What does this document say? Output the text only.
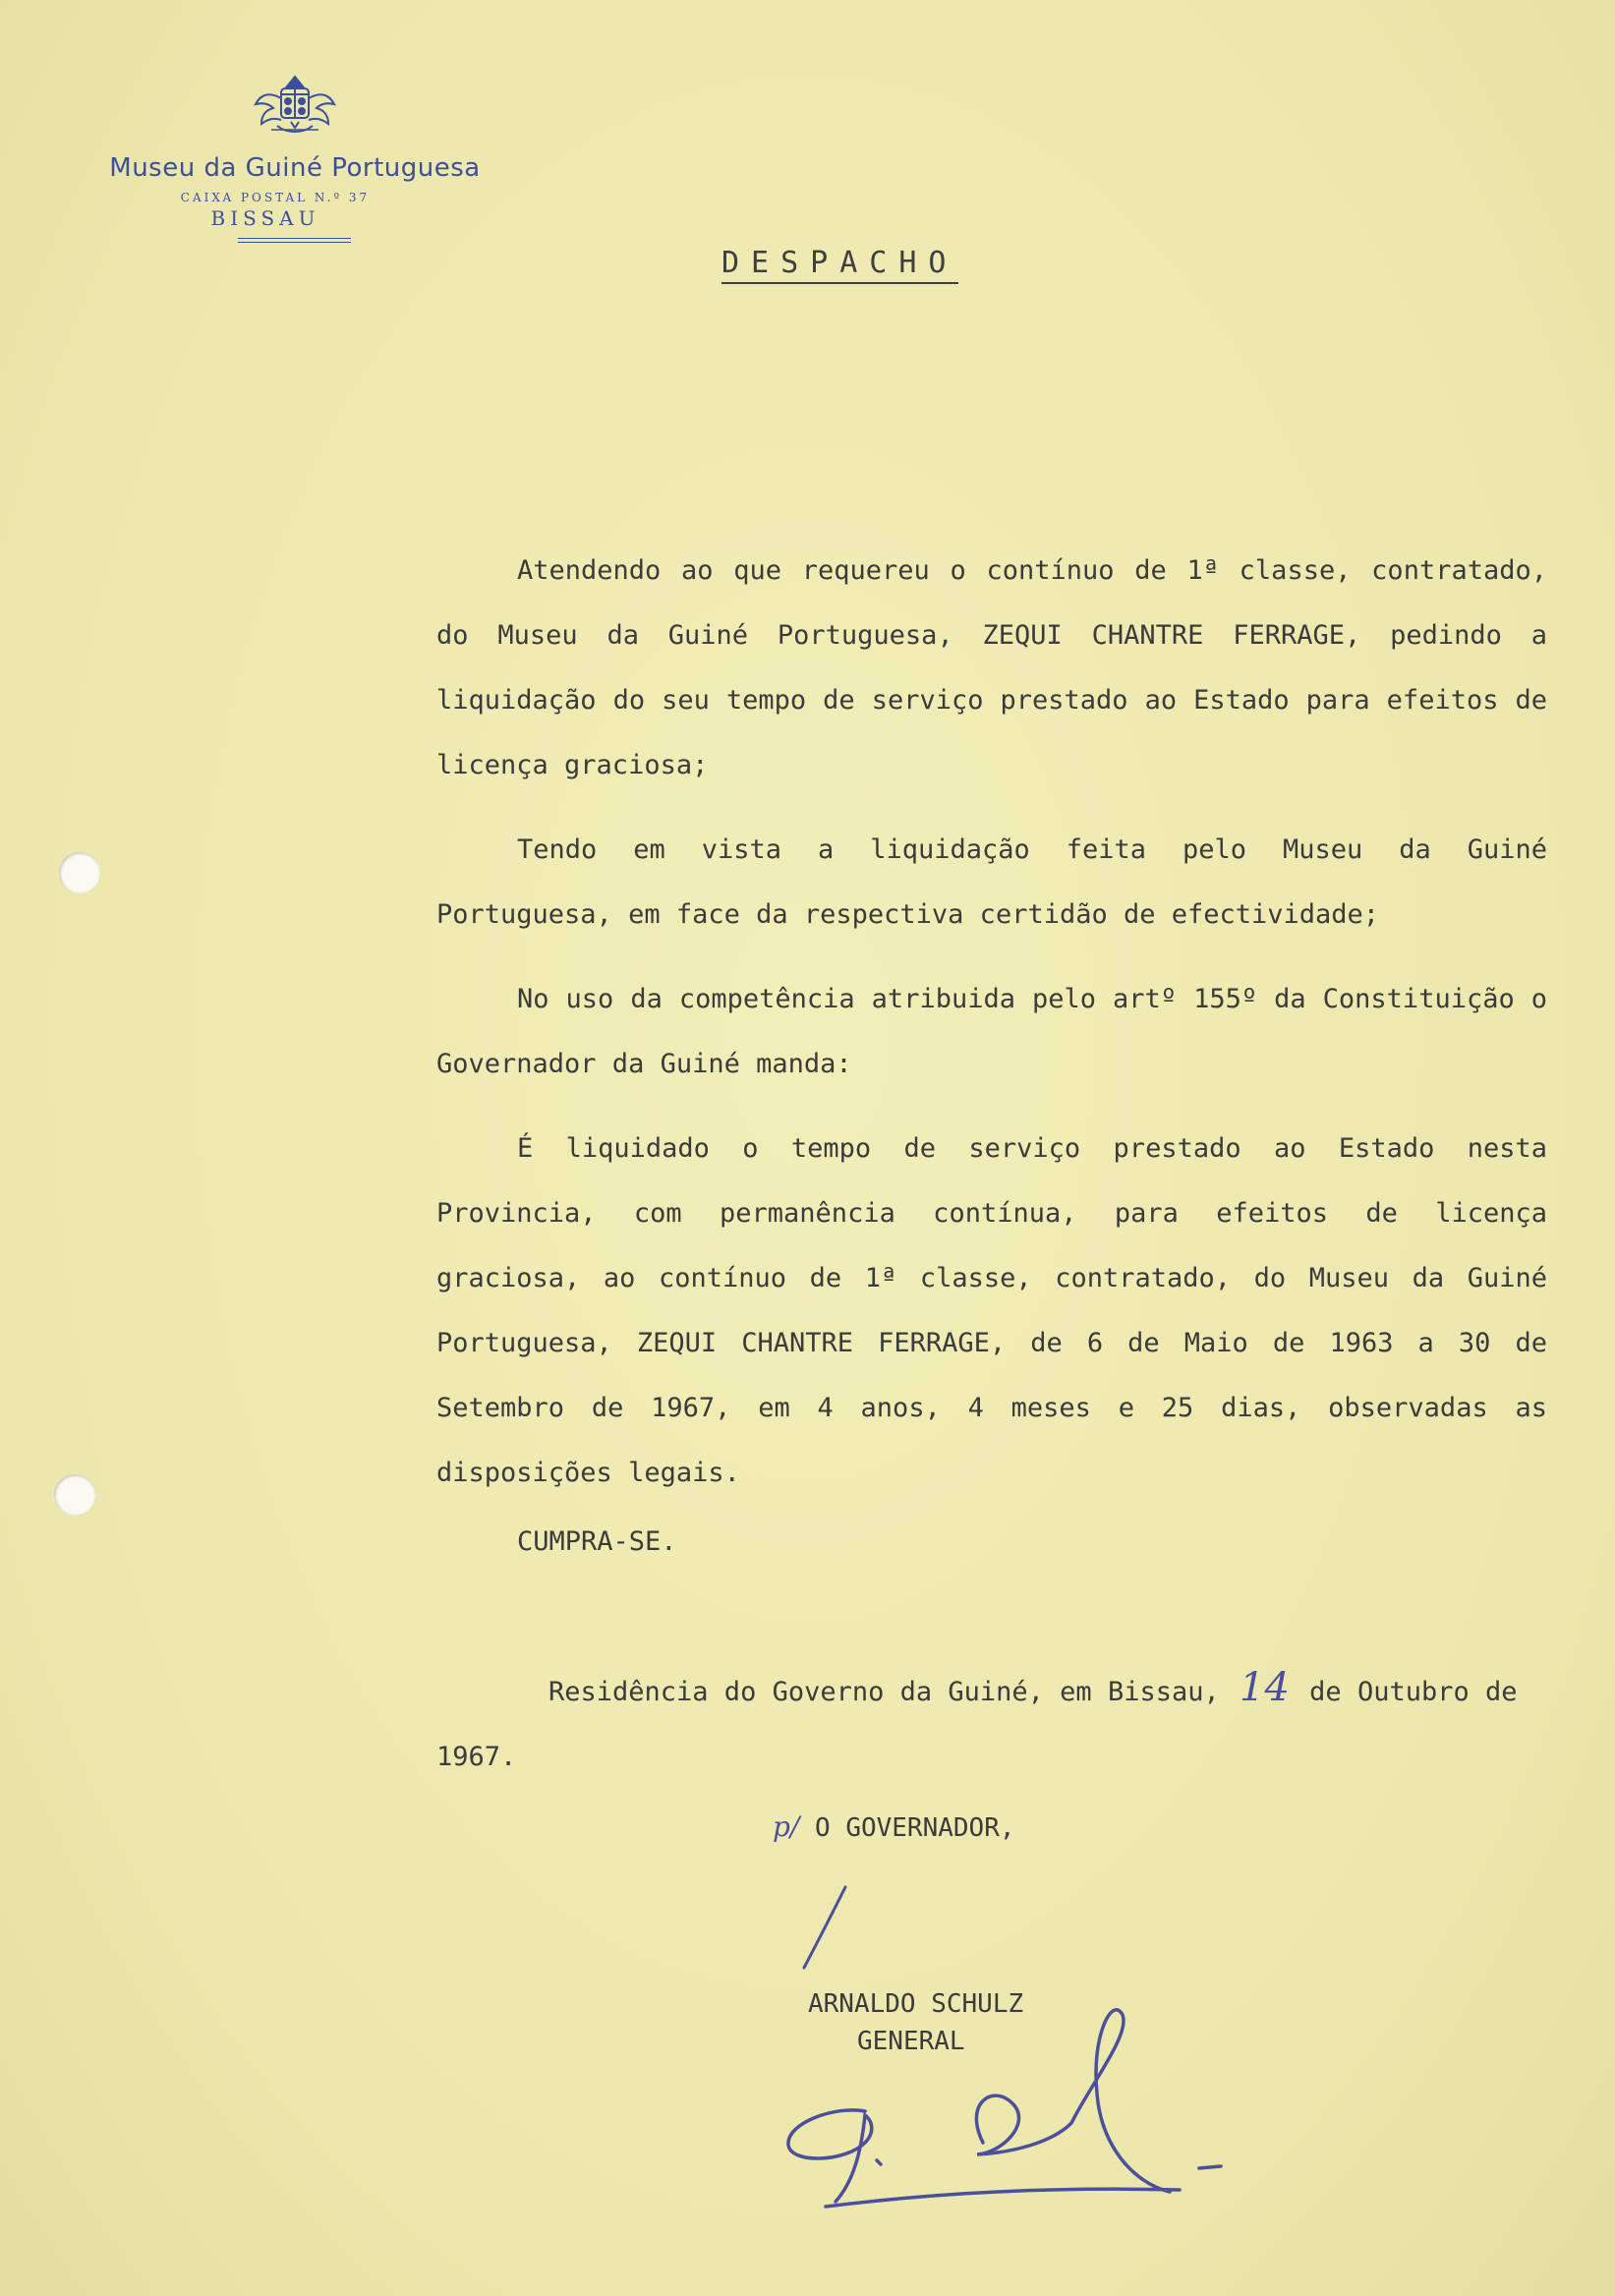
Museu da Guiné Portuguesa
CAIXA POSTAL N.º 37
BISSAU
DESPACHO

Atendendo ao que requereu o contínuo de 1ª classe, contratado, do Museu da Guiné Portuguesa, ZEQUI CHANTRE FERRAGE, pedindo a liquidação do seu tempo de serviço prestado ao Estado para efeitos de licença graciosa;

Tendo em vista a liquidação feita pelo Museu da Guiné Portuguesa, em face da respectiva certidão de efectividade;

No uso da competência atribuida pelo artº 155º da Constituição o Governador da Guiné manda:

É liquidado o tempo de serviço prestado ao Estado nesta Provincia, com permanência contínua, para efeitos de licença graciosa, ao contínuo de 1ª classe, contratado, do Museu da Guiné Portuguesa, ZEQUI CHANTRE FERRAGE, de 6 de Maio de 1963 a 30 de Setembro de 1967, em 4 anos, 4 meses e 25 dias, observadas as disposições legais.

CUMPRA-SE.
Residência do Governo da Guiné, em Bissau, 14 de Outubro de 1967.
p/ O GOVERNADOR,
ARNALDO SCHULZ
GENERAL
